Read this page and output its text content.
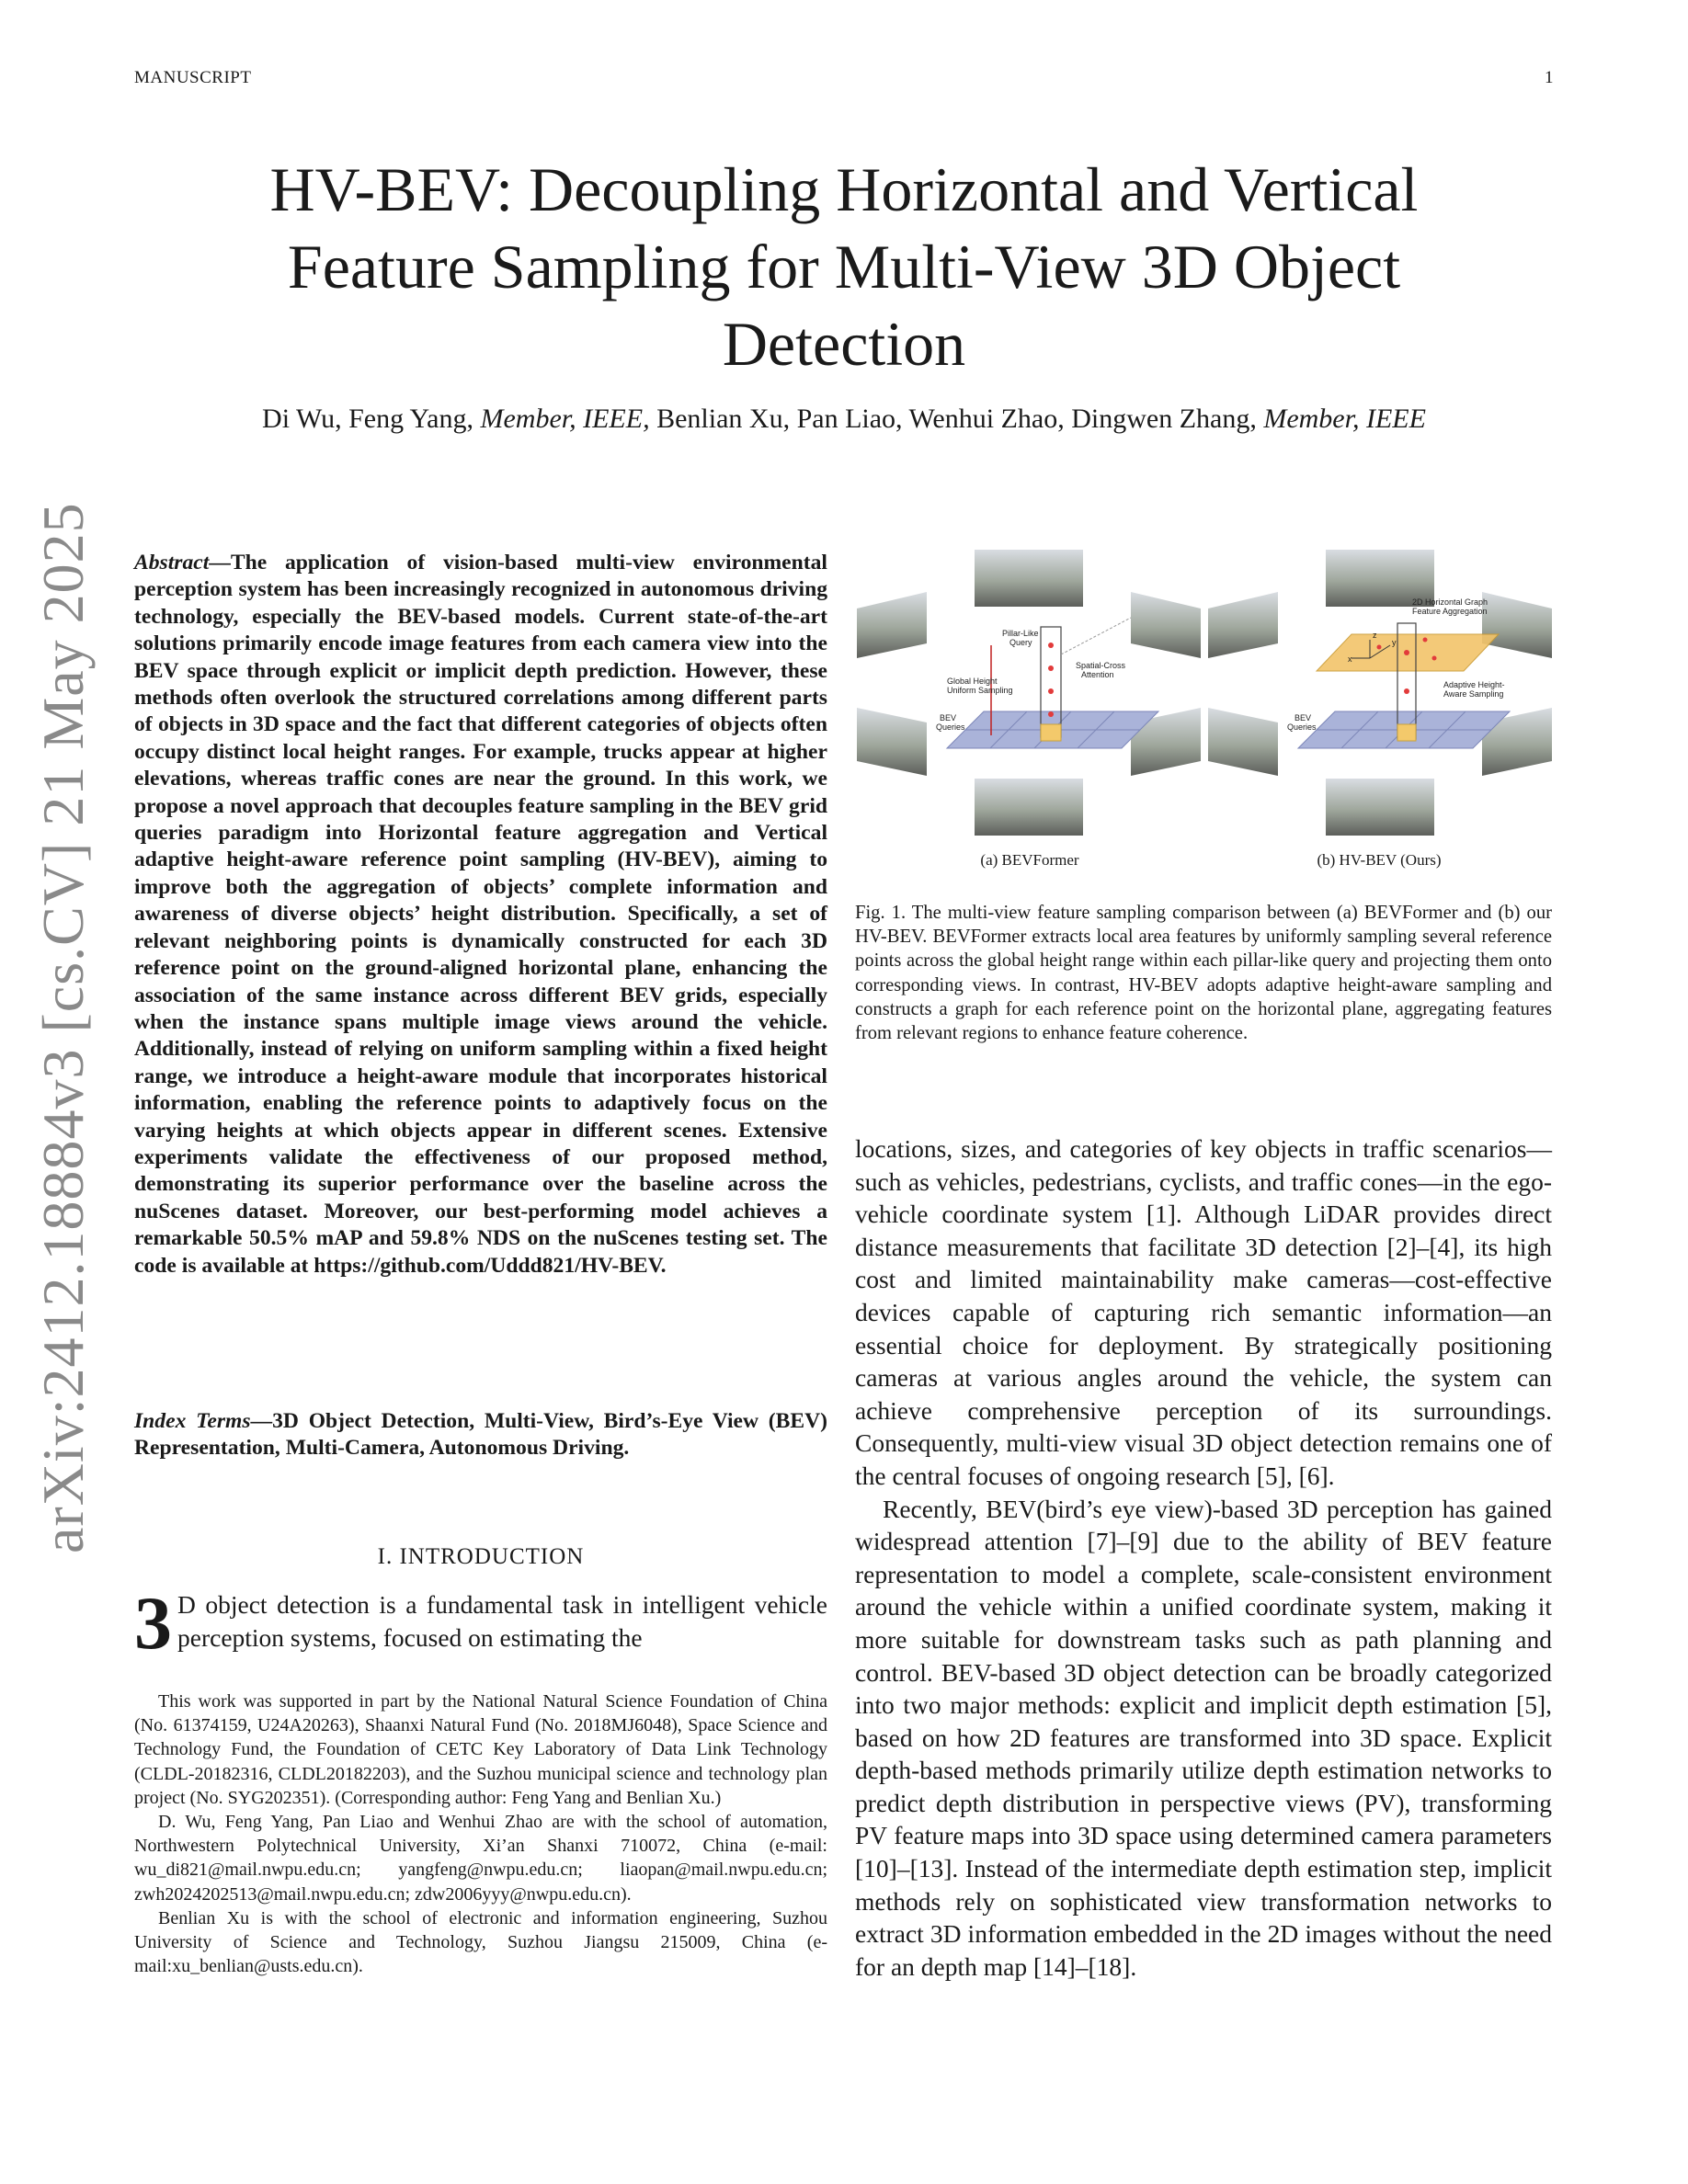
MANUSCRIPT	1
HV-BEV: Decoupling Horizontal and Vertical
Feature Sampling for Multi-View 3D Object
Detection
Di Wu, Feng Yang, Member, IEEE, Benlian Xu, Pan Liao, Wenhui Zhao, Dingwen Zhang, Member, IEEE
arXiv:2412.18884v3 [cs.CV] 21 May 2025	Abstract—The application of vision-based multi-view environmental perception system has been increasingly recognized in autonomous driving technology, especially the BEV-based models. Current state-of-the-art solutions primarily encode image features from each camera view into the BEV space through explicit or implicit depth prediction. However, these methods often overlook the structured correlations among different parts of objects in 3D space and the fact that different categories of objects often occupy distinct local height ranges. For example, trucks appear at higher elevations, whereas traffic cones are near the ground. In this work, we propose a novel approach that decouples feature sampling in the BEV grid queries paradigm into Horizontal feature aggregation and Vertical adaptive height-aware reference point sampling (HV-BEV), aiming to improve both the aggregation of objects’ complete information and awareness of diverse objects’ height distribution. Specifically, a set of relevant neighboring points is dynamically constructed for each 3D reference point on the ground-aligned horizontal plane, enhancing the association of the same instance across different BEV grids, especially when the instance spans multiple image views around the vehicle. Additionally, instead of relying on uniform sampling within a fixed height range, we introduce a height-aware module that incorporates historical information, enabling the reference points to adaptively focus on the varying heights at which objects appear in different scenes. Extensive experiments validate the effectiveness of our proposed method, demonstrating its superior performance over the baseline across the nuScenes dataset. Moreover, our best-performing model achieves a remarkable 50.5% mAP and 59.8% NDS on the nuScenes testing set. The code is available at https://github.com/Uddd821/HV-BEV.
Index Terms—3D Object Detection, Multi-View, Bird’s-Eye View (BEV) Representation, Multi-Camera, Autonomous Driving.
I. INTRODUCTION
3 D object detection is a fundamental task in intelligent vehicle perception systems, focused on estimating the

This work was supported in part by the National Natural Science Foundation of China (No. 61374159, U24A20263), Shaanxi Natural Fund (No. 2018MJ6048), Space Science and Technology Fund, the Foundation of CETC Key Laboratory of Data Link Technology (CLDL-20182316, CLDL20182203), and the Suzhou municipal science and technology plan project (No. SYG202351). (Corresponding author: Feng Yang and Benlian Xu.)

D. Wu, Feng Yang, Pan Liao and Wenhui Zhao are with the school of automation, Northwestern Polytechnical University, Xi’an Shanxi 710072, China (e-mail: wu_di821@mail.nwpu.edu.cn; yangfeng@nwpu.edu.cn; liaopan@mail.nwpu.edu.cn; zwh2024202513@mail.nwpu.edu.cn; zdw2006yyy@nwpu.edu.cn).

Benlian Xu is with the school of electronic and information engineering, Suzhou University of Science and Technology, Suzhou Jiangsu 215009, China (e-mail:xu_benlian@usts.edu.cn).

Pillar-Like Query
Global Height Uniform Sampling
Spatial-Cross Attention
BEV Queries
2D Horizontal Graph Feature Aggregation
Adaptive Height-Aware Sampling
BEV Queries
x
y
z
(a) BEVFormer	(b) HV-BEV (Ours)
Fig. 1. The multi-view feature sampling comparison between (a) BEVFormer and (b) our HV-BEV. BEVFormer extracts local area features by uniformly sampling several reference points across the global height range within each pillar-like query and projecting them onto corresponding views. In contrast, HV-BEV adopts adaptive height-aware sampling and constructs a graph for each reference point on the horizontal plane, aggregating features from relevant regions to enhance feature coherence.

locations, sizes, and categories of key objects in traffic scenarios—such as vehicles, pedestrians, cyclists, and traffic cones—in the ego-vehicle coordinate system [1]. Although LiDAR provides direct distance measurements that facilitate 3D detection [2]–[4], its high cost and limited maintainability make cameras—cost-effective devices capable of capturing rich semantic information—an essential choice for deployment. By strategically positioning cameras at various angles around the vehicle, the system can achieve comprehensive perception of its surroundings. Consequently, multi-view visual 3D object detection remains one of the central focuses of ongoing research [5], [6].

Recently, BEV(bird’s eye view)-based 3D perception has gained widespread attention [7]–[9] due to the ability of BEV feature representation to model a complete, scale-consistent environment around the vehicle within a unified coordinate system, making it more suitable for downstream tasks such as path planning and control. BEV-based 3D object detection can be broadly categorized into two major methods: explicit and implicit depth estimation [5], based on how 2D features are transformed into 3D space. Explicit depth-based methods primarily utilize depth estimation networks to predict depth distribution in perspective views (PV), transforming PV feature maps into 3D space using determined camera parameters [10]–[13]. Instead of the intermediate depth estimation step, implicit methods rely on sophisticated view transformation networks to extract 3D information embedded in the 2D images without the need for an depth map [14]–[18].
